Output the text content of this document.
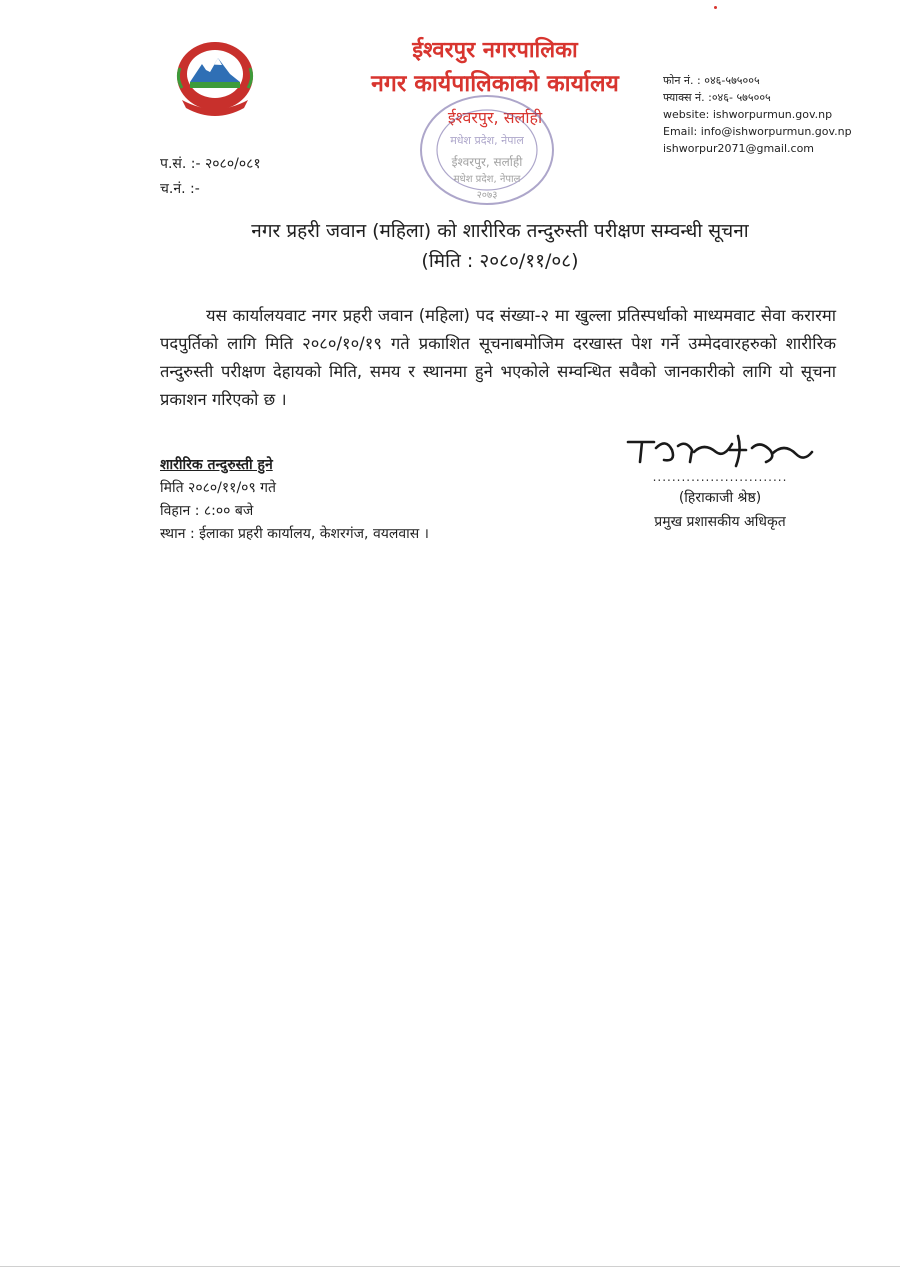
ईश्वरपुर नगरपालिका
नगर कार्यपालिकाको कार्यालय
ईश्वरपुर, सर्लाही
मधेश प्रदेश, नेपाल
ईश्वरपुर, सर्लाही
मधेश प्रदेश, नेपाल
२०७३
फोन नं. : ०४६-५७५००५
फ्याक्स नं. :०४६- ५७५००५
website: ishworpurmun.gov.np
Email: info@ishworpurmun.gov.np
ishworpur2071@gmail.com
प.सं. :- २०८०/०८१
च.नं. :-
नगर प्रहरी जवान (महिला) को शारीरिक तन्दुरुस्ती परीक्षण सम्वन्धी सूचना
(मिति : २०८०/११/०८)
यस कार्यालयवाट नगर प्रहरी जवान (महिला) पद संख्या-२ मा खुल्ला प्रतिस्पर्धाको माध्यमवाट सेवा करारमा पदपुर्तिको लागि मिति २०८०/१०/१९ गते प्रकाशित सूचनाबमोजिम दरखास्त पेश गर्ने उम्मेदवारहरुको शारीरिक तन्दुरुस्ती परीक्षण देहायको मिति, समय र स्थानमा हुने भएकोले सम्वन्धित सवैको जानकारीको लागि यो सूचना प्रकाशन गरिएको छ ।
शारीरिक तन्दुरुस्ती हुने
मिति २०८०/११/०९ गते
विहान : ८:०० बजे
स्थान : ईलाका प्रहरी कार्यालय, केशरगंज, वयलवास ।
............................
(हिराकाजी श्रेष्ठ)
प्रमुख प्रशासकीय अधिकृत
